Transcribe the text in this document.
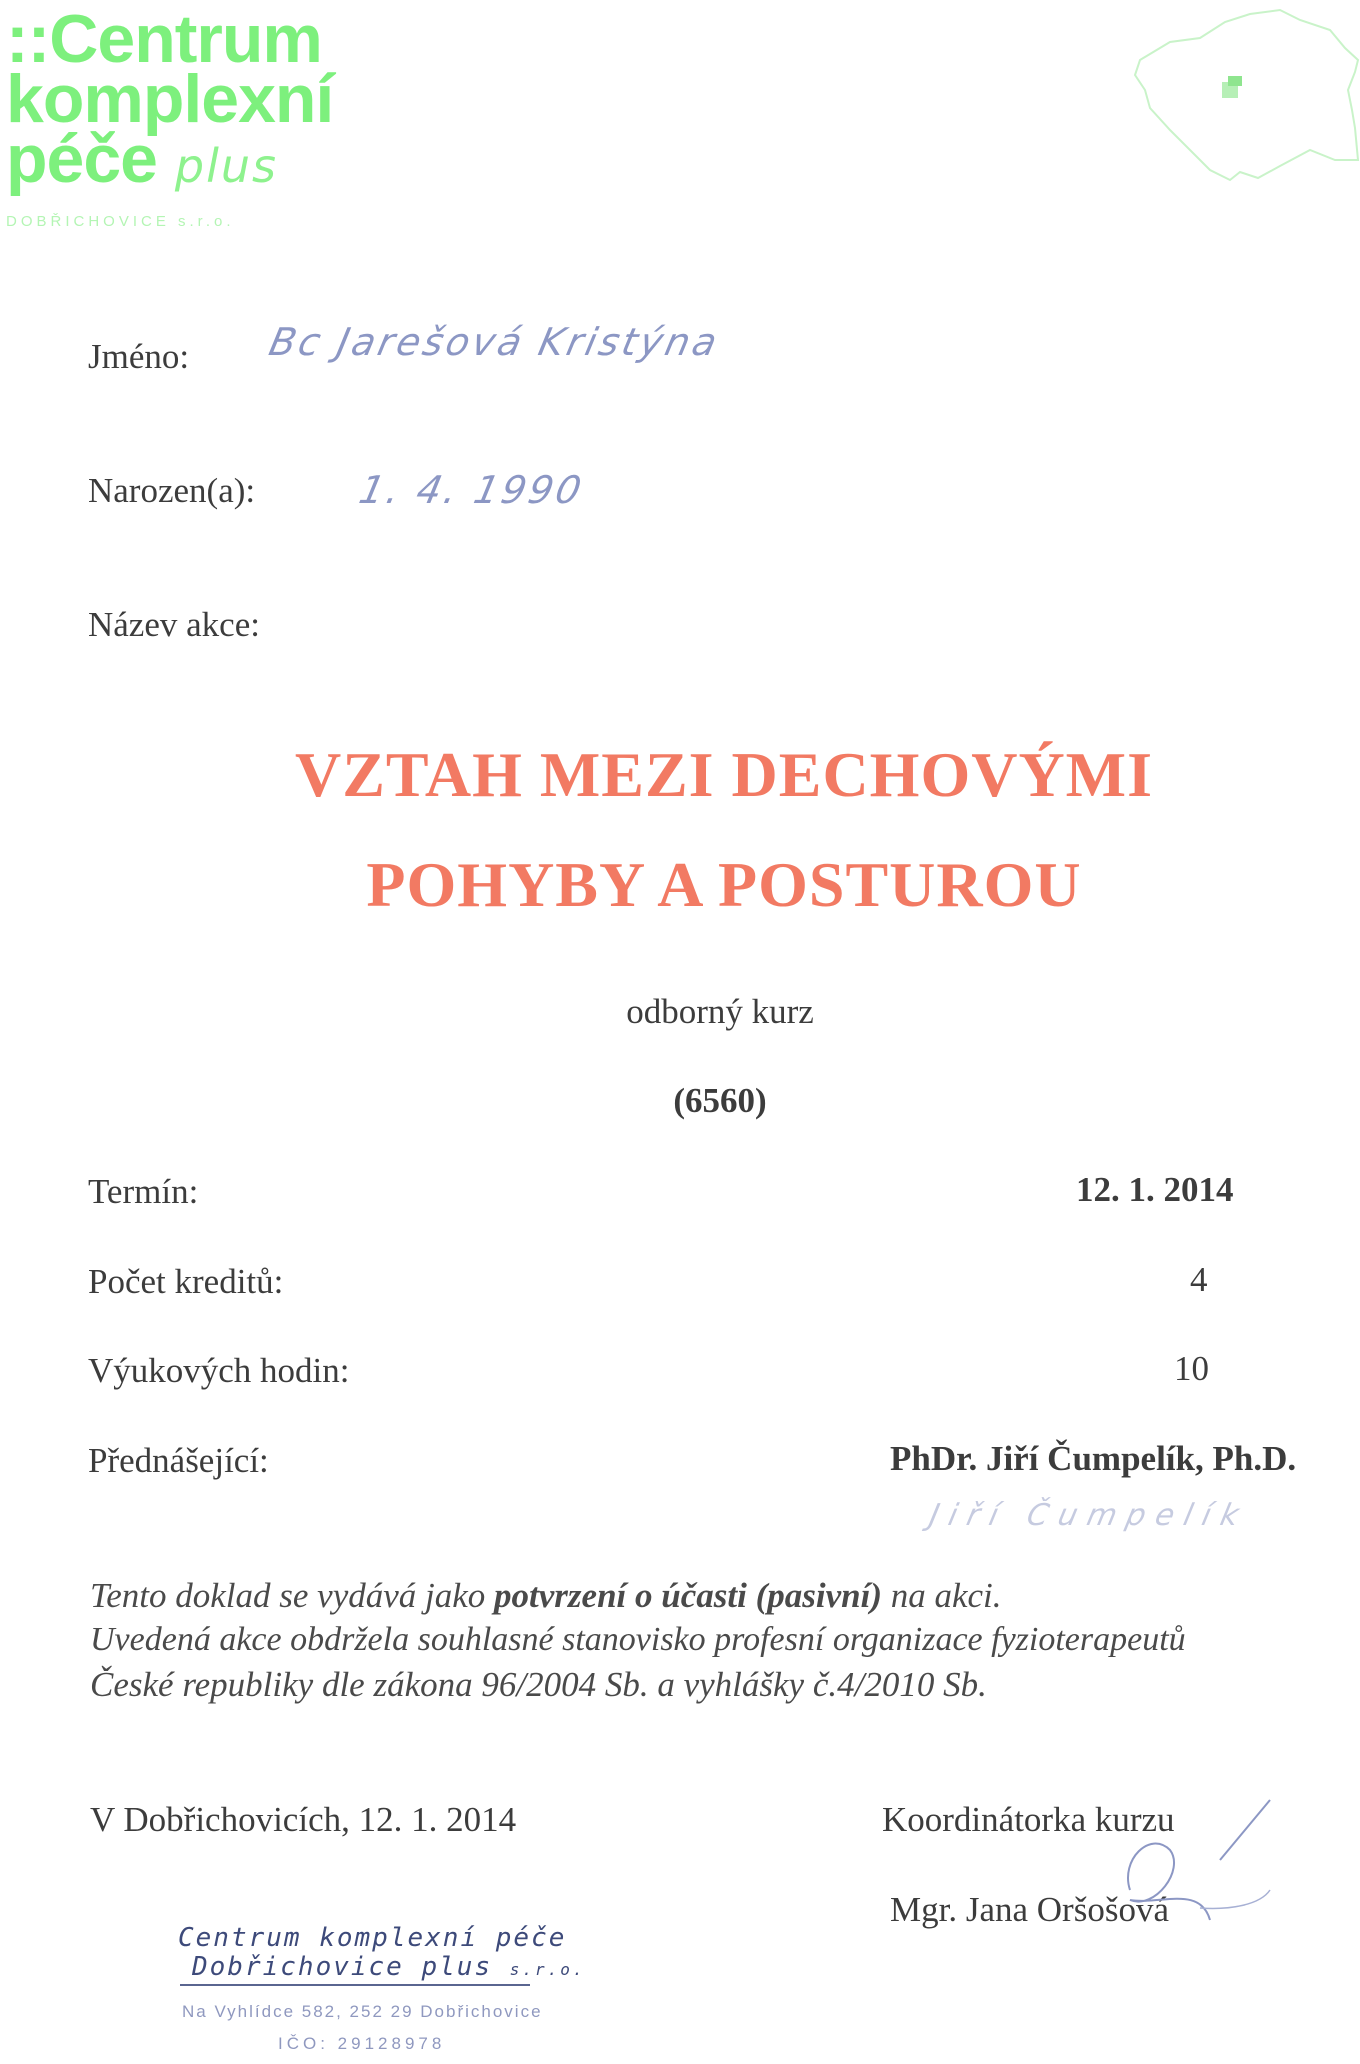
::Centrum
komplexní
péče plus
DOBŘICHOVICE s.r.o.
Jméno: Bc Jarešová Kristýna
Narozen(a):	1. 4. 1990
Název akce:
VZTAH MEZI DECHOVÝMI
POHYBY A POSTUROU
odborný kurz
(6560)
Termín:	12. 1. 2014
Počet kreditů:	4
Výukových hodin:	10
Přednášející:	PhDr. Jiří Čumpelík, Ph.D.
Jiří Čumpelík
Tento doklad se vydává jako potvrzení o účasti (pasivní) na akci.
Uvedená akce obdržela souhlasné stanovisko profesní organizace fyzioterapeutů
České republiky dle zákona 96/2004 Sb. a vyhlášky č.4/2010 Sb.
V Dobřichovicích, 12. 1. 2014	Koordinátorka kurzu
Mgr. Jana Oršošová
Centrum komplexní péče
Dobřichovice plus s.r.o.
Na Vyhlídce 582, 252 29 Dobřichovice
IČO: 29128978
